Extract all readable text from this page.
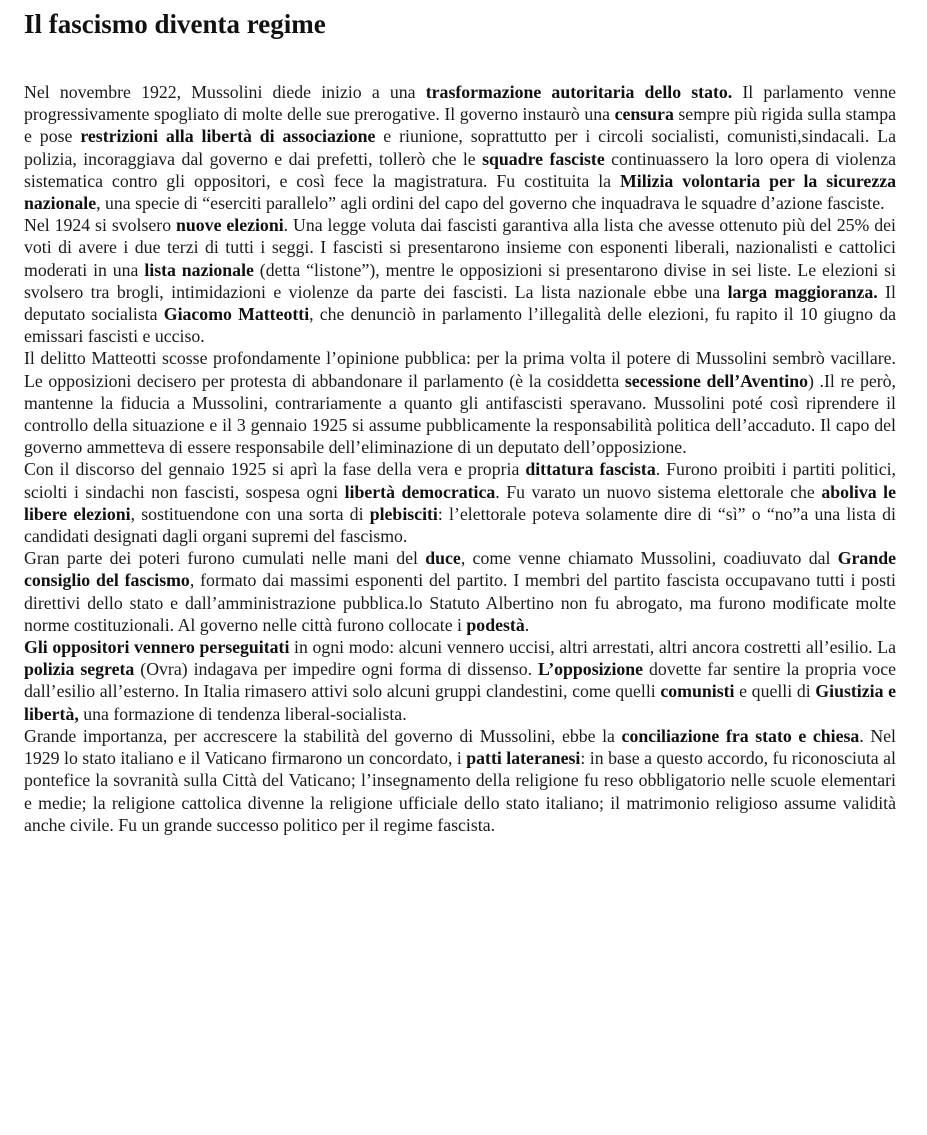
Il fascismo diventa regime

Nel novembre 1922, Mussolini diede inizio a una trasformazione autoritaria dello stato. Il parlamento venne progressivamente spogliato di molte delle sue prerogative. Il governo instaurò una censura sempre più rigida sulla stampa e pose restrizioni alla libertà di associazione e riunione, soprattutto per i circoli socialisti, comunisti,sindacali. La polizia, incoraggiava dal governo e dai prefetti, tollerò che le squadre fasciste continuassero la loro opera di violenza sistematica contro gli oppositori, e così fece la magistratura. Fu costituita la Milizia volontaria per la sicurezza nazionale, una specie di “eserciti parallelo” agli ordini del capo del governo che inquadrava le squadre d’azione fasciste.

Nel 1924 si svolsero nuove elezioni. Una legge voluta dai fascisti garantiva alla lista che avesse ottenuto più del 25% dei voti di avere i due terzi di tutti i seggi. I fascisti si presentarono insieme con esponenti liberali, nazionalisti e cattolici moderati in una lista nazionale (detta “listone”), mentre le opposizioni si presentarono divise in sei liste. Le elezioni si svolsero tra brogli, intimidazioni e violenze da parte dei fascisti. La lista nazionale ebbe una larga maggioranza. Il deputato socialista Giacomo Matteotti, che denunciò in parlamento l’illegalità delle elezioni, fu rapito il 10 giugno da emissari fascisti e ucciso.

Il delitto Matteotti scosse profondamente l’opinione pubblica: per la prima volta il potere di Mussolini sembrò vacillare. Le opposizioni decisero per protesta di abbandonare il parlamento (è la cosiddetta secessione dell’Aventino) .Il re però, mantenne la fiducia a Mussolini, contrariamente a quanto gli antifascisti speravano. Mussolini poté così riprendere il controllo della situazione e il 3 gennaio 1925 si assume pubblicamente la responsabilità politica dell’accaduto. Il capo del governo ammetteva di essere responsabile dell’eliminazione di un deputato dell’opposizione.

Con il discorso del gennaio 1925 si aprì la fase della vera e propria dittatura fascista. Furono proibiti i partiti politici, sciolti i sindachi non fascisti, sospesa ogni libertà democratica. Fu varato un nuovo sistema elettorale che aboliva le libere elezioni, sostituendone con una sorta di plebisciti: l’elettorale poteva solamente dire di “sì” o “no”a una lista di candidati designati dagli organi supremi del fascismo.

Gran parte dei poteri furono cumulati nelle mani del duce, come venne chiamato Mussolini, coadiuvato dal Grande consiglio del fascismo, formato dai massimi esponenti del partito. I membri del partito fascista occupavano tutti i posti direttivi dello stato e dall’amministrazione pubblica.lo Statuto Albertino non fu abrogato, ma furono modificate molte norme costituzionali. Al governo nelle città furono collocate i podestà.

Gli oppositori vennero perseguitati in ogni modo: alcuni vennero uccisi, altri arrestati, altri ancora costretti all’esilio. La polizia segreta (Ovra) indagava per impedire ogni forma di dissenso. L’opposizione dovette far sentire la propria voce dall’esilio all’esterno. In Italia rimasero attivi solo alcuni gruppi clandestini, come quelli comunisti e quelli di Giustizia e libertà, una formazione di tendenza liberal-socialista.

Grande importanza, per accrescere la stabilità del governo di Mussolini, ebbe la conciliazione fra stato e chiesa. Nel 1929 lo stato italiano e il Vaticano firmarono un concordato, i patti lateranesi: in base a questo accordo, fu riconosciuta al pontefice la sovranità sulla Città del Vaticano; l’insegnamento della religione fu reso obbligatorio nelle scuole elementari e medie; la religione cattolica divenne la religione ufficiale dello stato italiano; il matrimonio religioso assume validità anche civile. Fu un grande successo politico per il regime fascista.
